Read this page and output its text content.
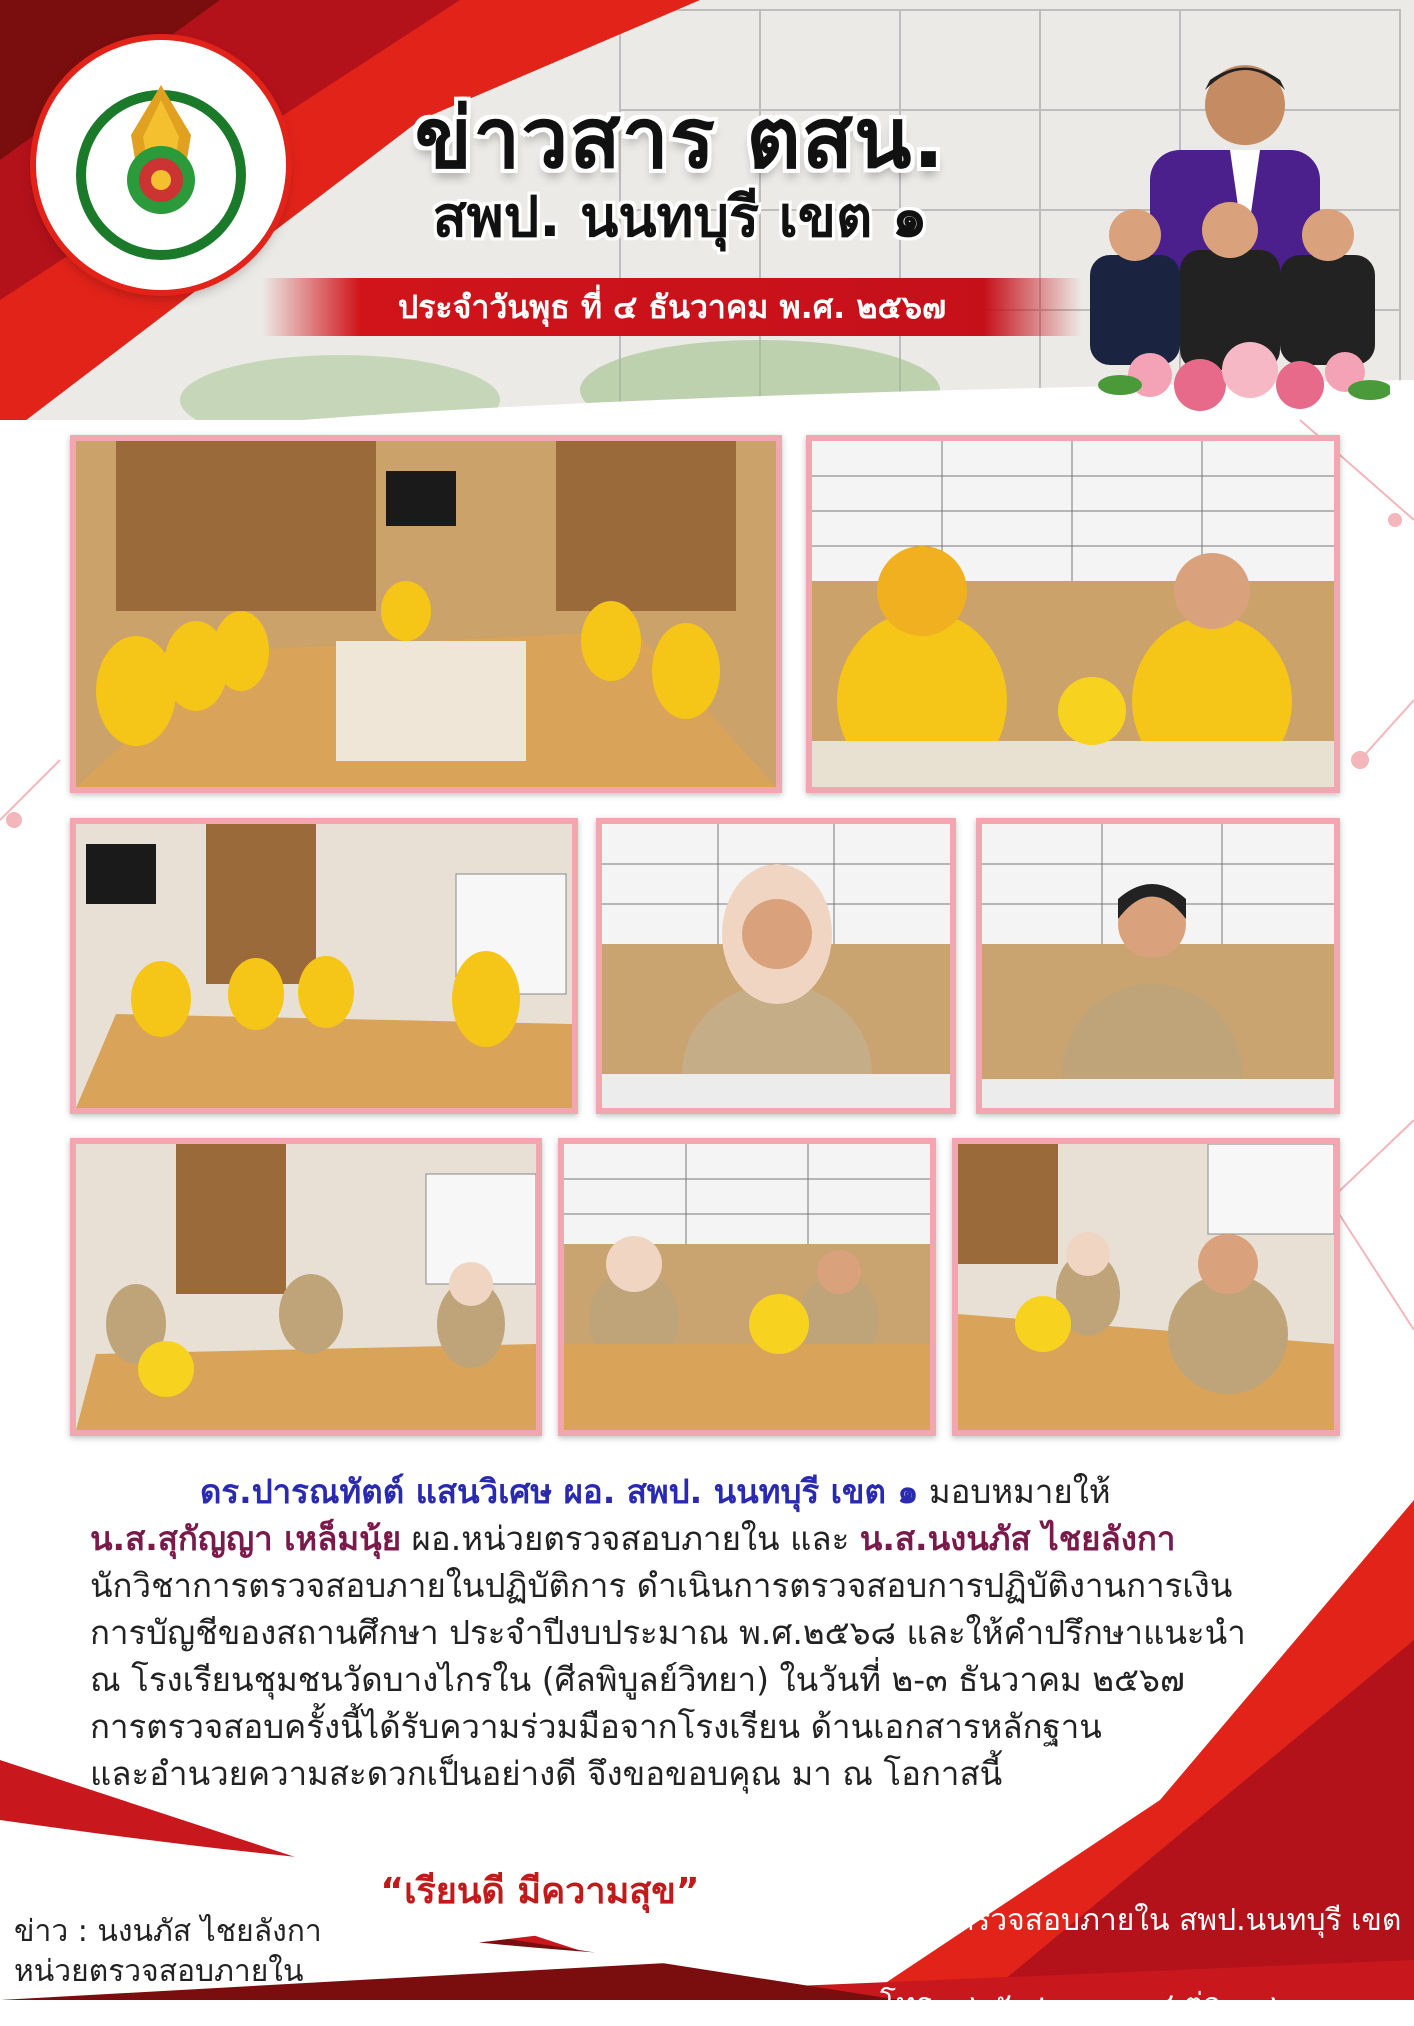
ข่าวสาร ตสน.
สพป. นนทบุรี เขต ๑
ประจำวันพุธ ที่ ๔ ธันวาคม พ.ศ. ๒๕๖๗
ดร.ปารณทัตต์ แสนวิเศษ ผอ. สพป. นนทบุรี เขต ๑ มอบหมายให้
น.ส.สุกัญญา เหล็มนุ้ย ผอ.หน่วยตรวจสอบภายใน และ น.ส.นงนภัส ไชยลังกา
นักวิชาการตรวจสอบภายในปฏิบัติการ ดำเนินการตรวจสอบการปฏิบัติงานการเงิน
การบัญชีของสถานศึกษา ประจำปีงบประมาณ พ.ศ.๒๕๖๘ และให้คำปรึกษาแนะนำ
ณ โรงเรียนชุมชนวัดบางไกรใน (ศีลพิบูลย์วิทยา) ในวันที่ ๒-๓ ธันวาคม ๒๕๖๗
การตรวจสอบครั้งนี้ได้รับความร่วมมือจากโรงเรียน ด้านเอกสารหลักฐาน
และอำนวยความสะดวกเป็นอย่างดี จึงขอขอบคุณ มา ณ โอกาสนี้
“เรียนดี มีความสุข”
ข่าว : นงนภัส ไชยลังกา
หน่วยตรวจสอบภายใน
หน่วยตรวจสอบภายใน สพป.นนทบุรี เขต ๑
โทร. ๐๒๕-๙๑๑๓๐๑-๔ ต่อ ๑๓๒
